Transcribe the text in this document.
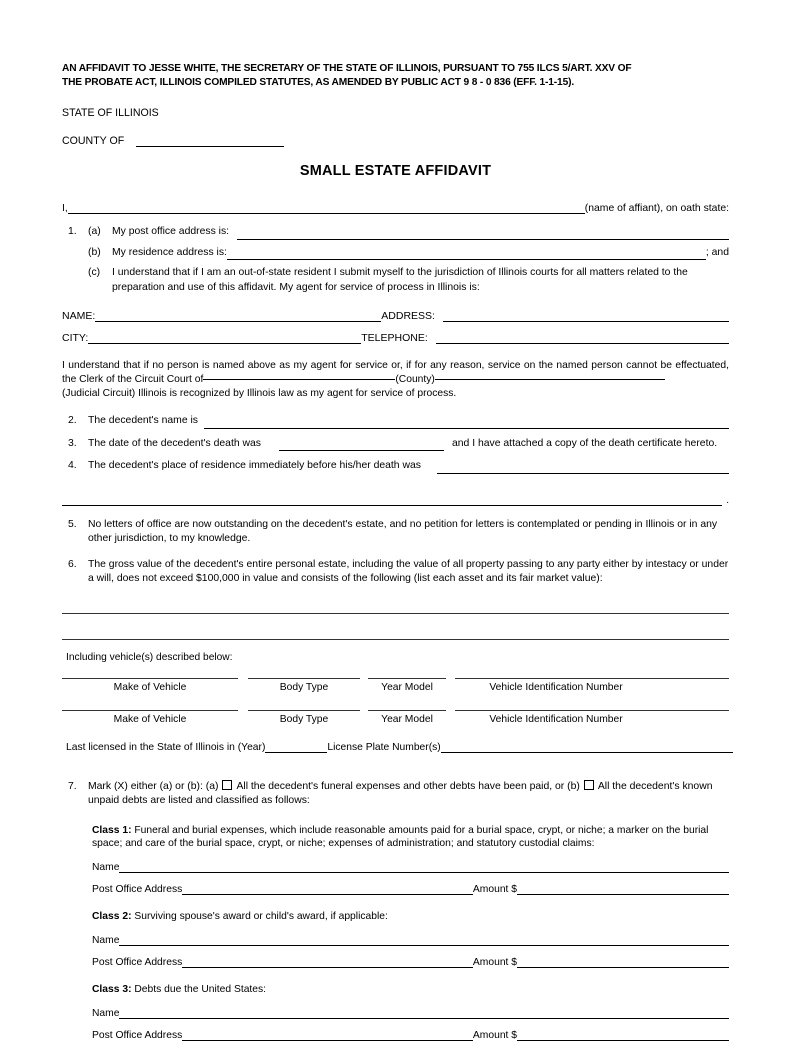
AN AFFIDAVIT TO JESSE WHITE, THE SECRETARY OF THE STATE OF ILLINOIS, PURSUANT TO 755 ILCS 5/ART. XXV OF
THE PROBATE ACT, ILLINOIS COMPILED STATUTES, AS AMENDED BY PUBLIC ACT 9 8 - 0 836 (EFF. 1-1-15).
STATE OF ILLINOIS
COUNTY OF
SMALL ESTATE AFFIDAVIT
I,	(name of affiant), on oath state:
1.	(a)	My post office address is:
(b)	My residence address is:	; and
(c)	I understand that if I am an out-of-state resident I submit myself to the jurisdiction of Illinois courts for all matters related to the preparation and use of this affidavit. My agent for service of process in Illinois is:
NAME:	ADDRESS:
CITY:	TELEPHONE:
I understand that if no person is named above as my agent for service or, if for any reason, service on the named person cannot be effectuated, the Clerk of the Circuit Court of	(County)
(Judicial Circuit) Illinois is recognized by Illinois law as my agent for service of process.
2.	The decedent's name is
3.	The date of the decedent's death was	and I have attached a copy of the death certificate hereto.
4.	The decedent's place of residence immediately before his/her death was
.
5.	No letters of office are now outstanding on the decedent's estate, and no petition for letters is contemplated or pending in Illinois or in any other jurisdiction, to my knowledge.
6.	The gross value of the decedent's entire personal estate, including the value of all property passing to any party either by intestacy or under a will, does not exceed $100,000 in value and consists of the following (list each asset and its fair market value):
Including vehicle(s) described below:
Make of Vehicle	Body Type	Year Model	Vehicle Identification Number
Make of Vehicle	Body Type	Year Model	Vehicle Identification Number
Last licensed in the State of Illinois in (Year)	License Plate Number(s)
7.	Mark (X) either (a) or (b): (a) All the decedent's funeral expenses and other debts have been paid, or (b) All the decedent's known unpaid debts are listed and classified as follows:
Class 1: Funeral and burial expenses, which include reasonable amounts paid for a burial space, crypt, or niche; a marker on the burial space; and care of the burial space, crypt, or niche; expenses of administration; and statutory custodial claims:
Name
Post Office Address	Amount $
Class 2: Surviving spouse's award or child's award, if applicable:
Name
Post Office Address	Amount $
Class 3: Debts due the United States:
Name
Post Office Address	Amount $
